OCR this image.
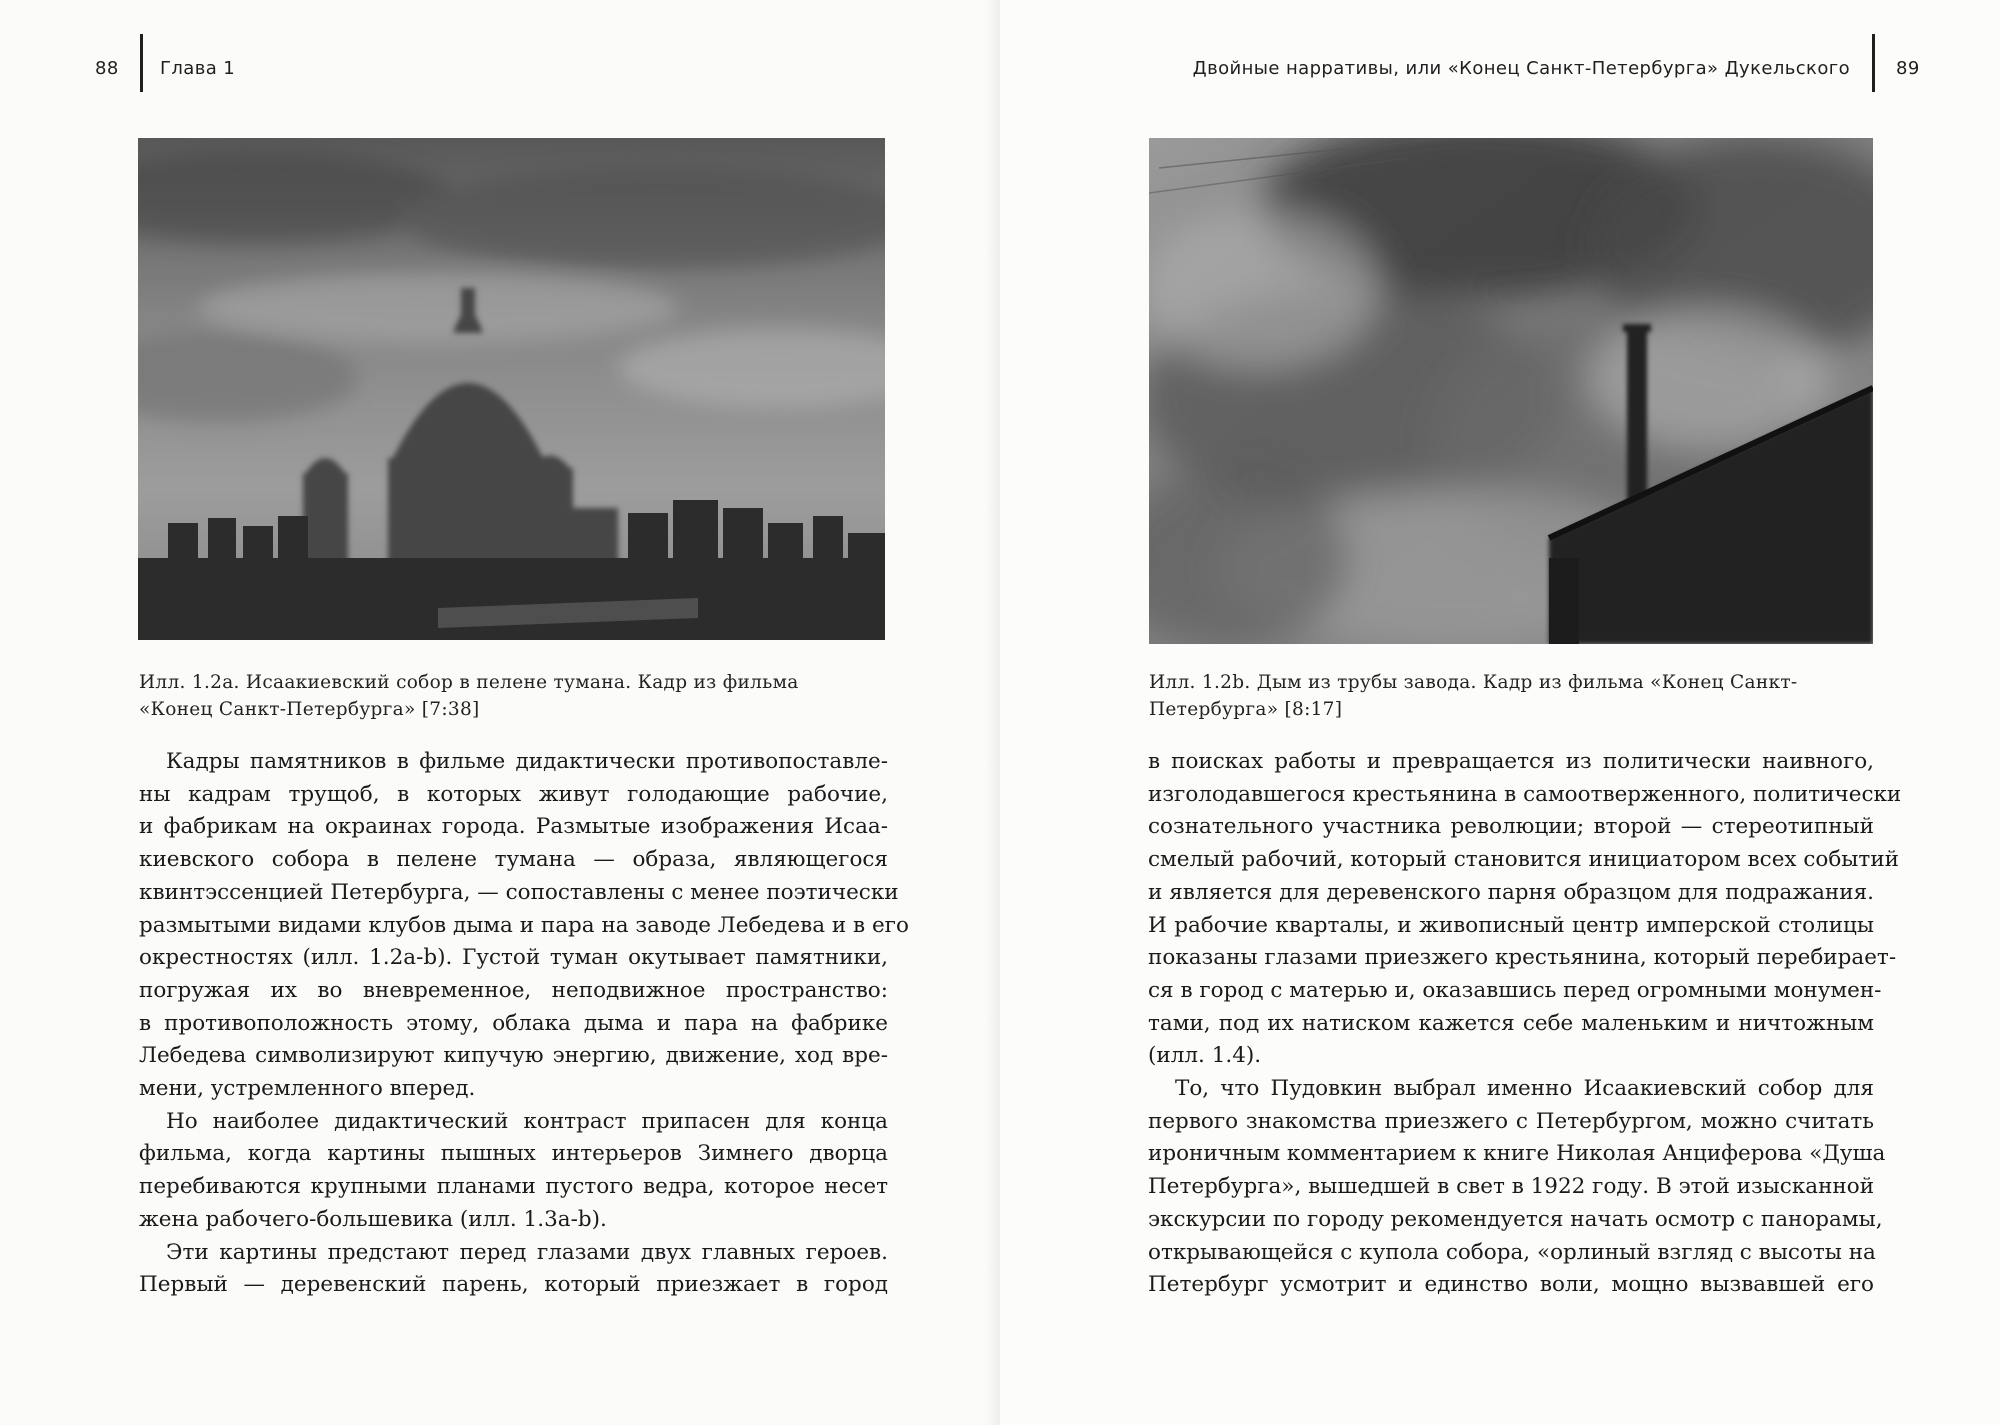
88 Глава 1

Илл. 1.2a. Исаакиевский собор в пелене тумана. Кадр из фильма

«Конец Санкт-Петербурга» [7:38]

Кадры памятников в фильме дидактически противопоставле-
ны кадрам трущоб, в которых живут голодающие рабочие,
и фабрикам на окраинах города. Размытые изображения Исаа-
киевского собора в пелене тумана — образа, являющегося
квинтэссенцией Петербурга, — сопоставлены с менее поэтически
размытыми видами клубов дыма и пара на заводе Лебедева и в его
окрестностях (илл. 1.2a-b). Густой туман окутывает памятники,
погружая их во вневременное, неподвижное пространство:
в противоположность этому, облака дыма и пара на фабрике
Лебедева символизируют кипучую энергию, движение, ход вре-
мени, устремленного вперед.
Но наиболее дидактический контраст припасен для конца
фильма, когда картины пышных интерьеров Зимнего дворца
перебиваются крупными планами пустого ведра, которое несет
жена рабочего-большевика (илл. 1.3a-b).
Эти картины предстают перед глазами двух главных героев.
Первый — деревенский парень, который приезжает в город
Двойные нарративы, или «Конец Санкт-Петербурга» Дукельского	89

Илл. 1.2b. Дым из трубы завода. Кадр из фильма «Конец Санкт-

Петербурга» [8:17]

в поисках работы и превращается из политически наивного,
изголодавшегося крестьянина в самоотверженного, политически
сознательного участника революции; второй — стереотипный
смелый рабочий, который становится инициатором всех событий
и является для деревенского парня образцом для подражания.
И рабочие кварталы, и живописный центр имперской столицы
показаны глазами приезжего крестьянина, который перебирает-
ся в город с матерью и, оказавшись перед огромными монумен-
тами, под их натиском кажется себе маленьким и ничтожным
(илл. 1.4).
То, что Пудовкин выбрал именно Исаакиевский собор для
первого знакомства приезжего с Петербургом, можно считать
ироничным комментарием к книге Николая Анциферова «Душа
Петербурга», вышедшей в свет в 1922 году. В этой изысканной
экскурсии по городу рекомендуется начать осмотр с панорамы,
открывающейся с купола собора, «орлиный взгляд с высоты на
Петербург усмотрит и единство воли, мощно вызвавшей его
